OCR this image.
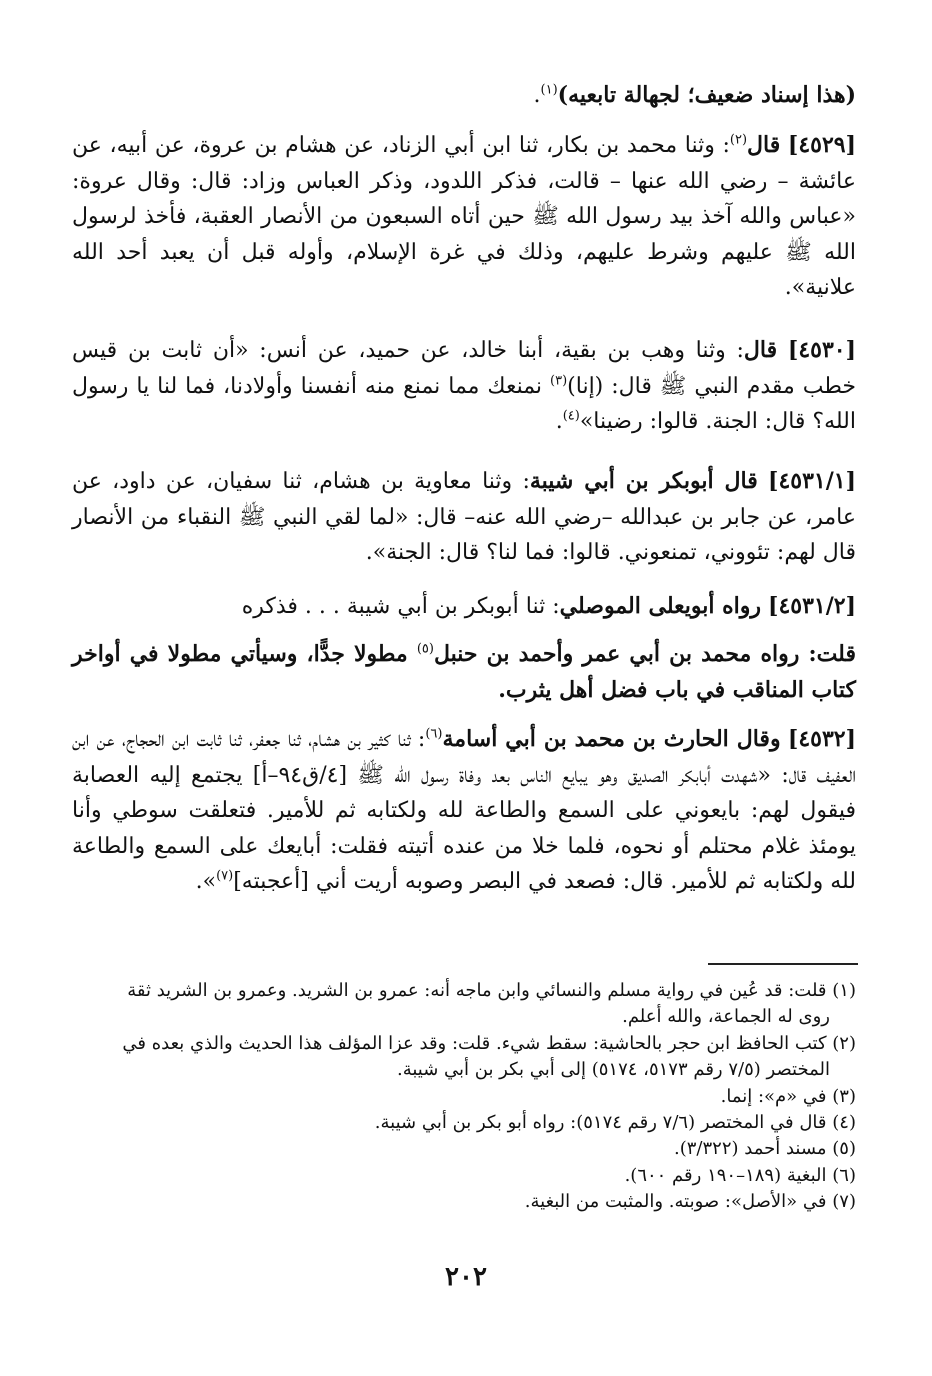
(هذا إسناد ضعيف؛ لجهالة تابعيه)$^{(١)}$.
[٤٥٢٩] قال$^{(٢)}$: وثنا محمد بن بكار، ثنا ابن أبي الزناد، عن هشام بن عروة، عن أبيه، عن عائشة – رضي الله عنها – قالت، فذكر اللدود، وذكر العباس وزاد: قال: وقال عروة: «عباس والله آخذ بيد رسول الله ﷺ حين أتاه السبعون من الأنصار العقبة، فأخذ لرسول الله ﷺ عليهم وشرط عليهم، وذلك في غرة الإسلام، وأوله قبل أن يعبد أحد الله علانية».
[٤٥٣٠] قال: وثنا وهب بن بقية، أبنا خالد، عن حميد، عن أنس: «أن ثابت بن قيس خطب مقدم النبي ﷺ قال: (إنا)$^{(٣)}$ نمنعك مما نمنع منه أنفسنا وأولادنا، فما لنا يا رسول الله؟ قال: الجنة. قالوا: رضينا»$^{(٤)}$.
[٤٥٣١/١] قال أبوبكر بن أبي شيبة: وثنا معاوية بن هشام، ثنا سفيان، عن داود، عن عامر، عن جابر بن عبدالله –رضي الله عنه– قال: «لما لقي النبي ﷺ النقباء من الأنصار قال لهم: تئووني، تمنعوني. قالوا: فما لنا؟ قال: الجنة».
[٤٥٣١/٢] رواه أبويعلى الموصلي: ثنا أبوبكر بن أبي شيبة . . . فذكره
قلت: رواه محمد بن أبي عمر وأحمد بن حنبل$^{(٥)}$ مطولا جدًّا، وسيأتي مطولا في أواخر كتاب المناقب في باب فضل أهل يثرب.
[٤٥٣٢] وقال الحارث بن محمد بن أبي أسامة$^{(٦)}$: ثنا كثير بن هشام، ثنا جعفر، ثنا ثابت ابن الحجاج، عن ابن العفيف قال: «شهدت أبابكر الصديق وهو يبايع الناس بعد وفاة رسول الله ﷺ [٤/ق٩٤–أ] يجتمع إليه العصابة فيقول لهم: بايعوني على السمع والطاعة لله ولكتابه ثم للأمير. فتعلقت سوطي وأنا يومئذ غلام محتلم أو نحوه، فلما خلا من عنده أتيته فقلت: أبايعك على السمع والطاعة لله ولكتابه ثم للأمير. قال: فصعد في البصر وصوبه أريت أني [أعجبته]$^{(٧)}$».

(١) قلت: قد عُين في رواية مسلم والنسائي وابن ماجه أنه: عمرو بن الشريد. وعمرو بن الشريد ثقة
روى له الجماعة، والله أعلم.

(٢) كتب الحافظ ابن حجر بالحاشية: سقط شيء. قلت: وقد عزا المؤلف هذا الحديث والذي بعده في
المختصر (٧/٥ رقم ٥١٧٣، ٥١٧٤) إلى أبي بكر بن أبي شيبة.

(٣) في «م»: إنما.

(٤) قال في المختصر (٧/٦ رقم ٥١٧٤): رواه أبو بكر بن أبي شيبة.

(٥) مسند أحمد (٣/٣٢٢).

(٦) البغية (١٨٩–١٩٠ رقم ٦٠٠).

(٧) في «الأصل»: صوبته. والمثبت من البغية.

٢٠٢
